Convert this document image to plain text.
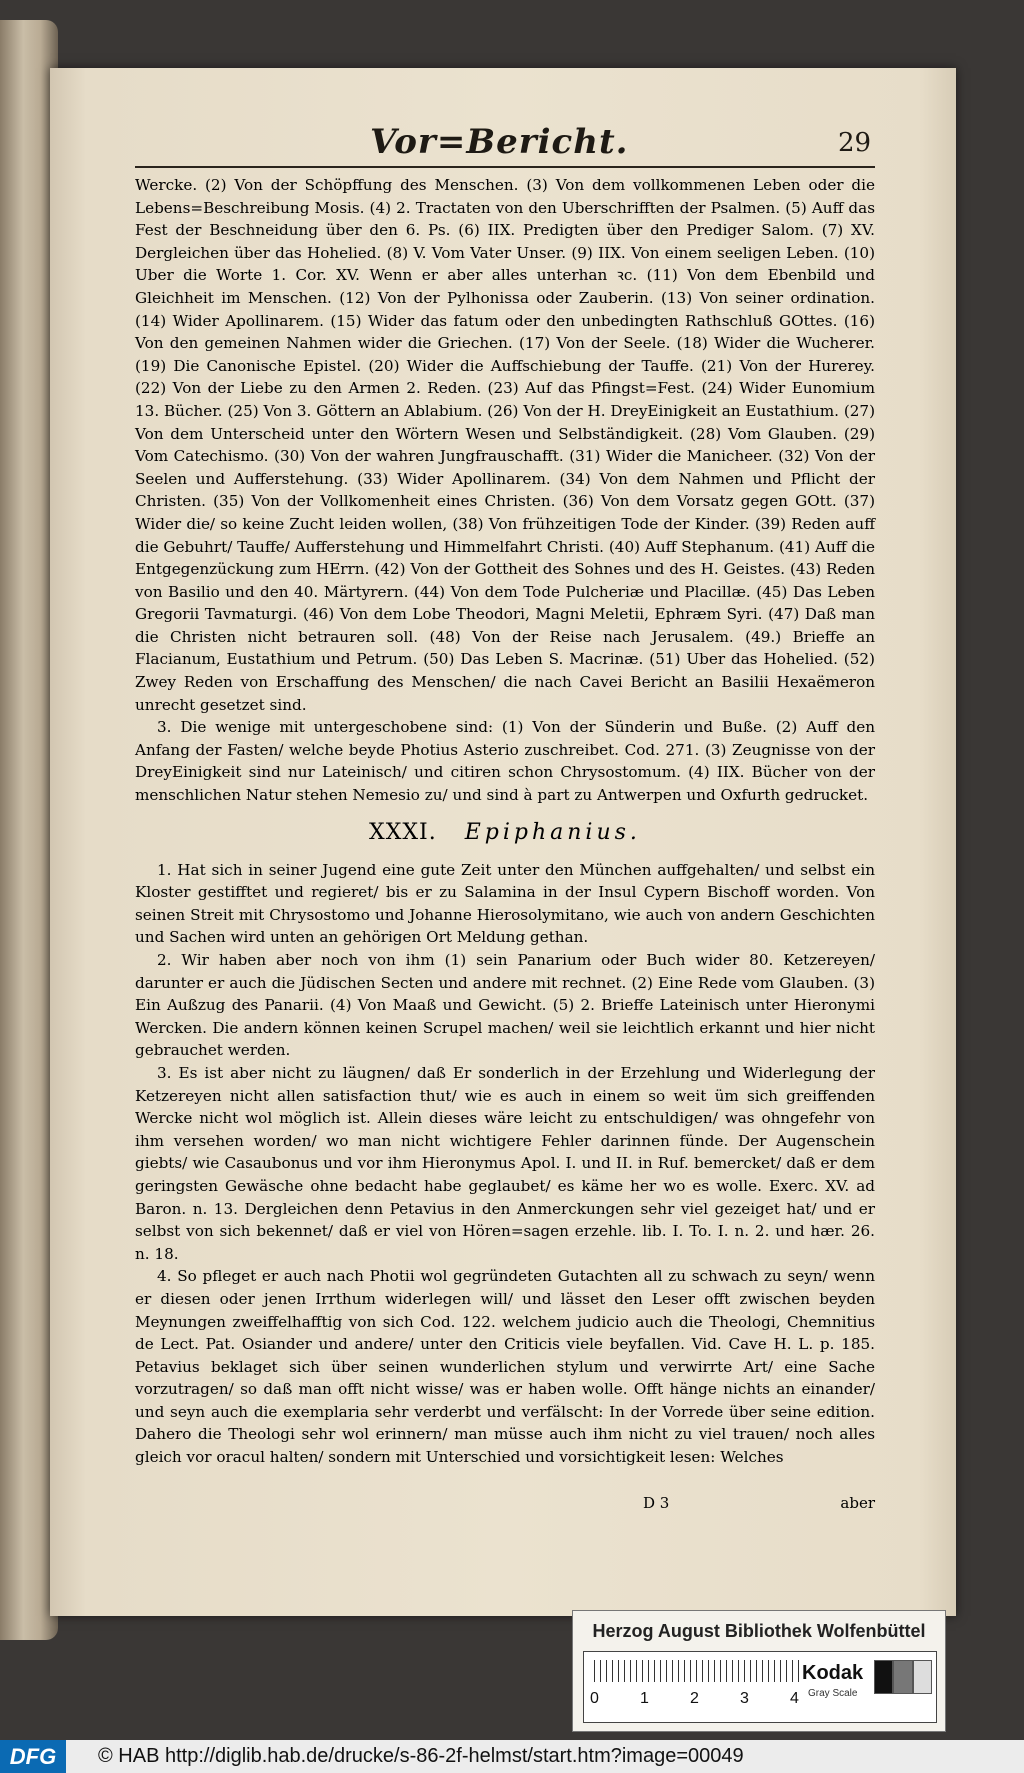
Vor=Bericht.	29

Wercke. (2) Von der Schöpffung des Menschen. (3) Von dem vollkommenen Leben oder die Lebens=Beschreibung Mosis. (4) 2. Tractaten von den Uberschrifften der Psalmen. (5) Auff das Fest der Beschneidung über den 6. Ps. (6) IIX. Predigten über den Prediger Salom. (7) XV. Dergleichen über das Hohelied. (8) V. Vom Vater Unser. (9) IIX. Von einem seeligen Leben. (10) Uber die Worte 1. Cor. XV. Wenn er aber alles unterhan ꝛc. (11) Von dem Ebenbild und Gleichheit im Menschen. (12) Von der Pylhonissa oder Zauberin. (13) Von seiner ordination. (14) Wider Apollinarem. (15) Wider das fatum oder den unbedingten Rathschluß GOttes. (16) Von den gemeinen Nahmen wider die Griechen. (17) Von der Seele. (18) Wider die Wucherer. (19) Die Canonische Epistel. (20) Wider die Auffschiebung der Tauffe. (21) Von der Hurerey. (22) Von der Liebe zu den Armen 2. Reden. (23) Auf das Pfingst=Fest. (24) Wider Eunomium 13. Bücher. (25) Von 3. Göttern an Ablabium. (26) Von der H. DreyEinigkeit an Eustathium. (27) Von dem Unterscheid unter den Wörtern Wesen und Selbständigkeit. (28) Vom Glauben. (29) Vom Catechismo. (30) Von der wahren Jungfrauschafft. (31) Wider die Manicheer. (32) Von der Seelen und Aufferstehung. (33) Wider Apollinarem. (34) Von dem Nahmen und Pflicht der Christen. (35) Von der Vollkomenheit eines Christen. (36) Von dem Vorsatz gegen GOtt. (37) Wider die/ so keine Zucht leiden wollen, (38) Von frühzeitigen Tode der Kinder. (39) Reden auff die Gebuhrt/ Tauffe/ Aufferstehung und Himmelfahrt Christi. (40) Auff Stephanum. (41) Auff die Entgegenzückung zum HErrn. (42) Von der Gottheit des Sohnes und des H. Geistes. (43) Reden von Basilio und den 40. Märtyrern. (44) Von dem Tode Pulcheriæ und Placillæ. (45) Das Leben Gregorii Tavmaturgi. (46) Von dem Lobe Theodori, Magni Meletii, Ephræm Syri. (47) Daß man die Christen nicht betrauren soll. (48) Von der Reise nach Jerusalem. (49.) Brieffe an Flacianum, Eustathium und Petrum. (50) Das Leben S. Macrinæ. (51) Uber das Hohelied. (52) Zwey Reden von Erschaffung des Menschen/ die nach Cavei Bericht an Basilii Hexaëmeron unrecht gesetzet sind.

3. Die wenige mit untergeschobene sind: (1) Von der Sünderin und Buße. (2) Auff den Anfang der Fasten/ welche beyde Photius Asterio zuschreibet. Cod. 271. (3) Zeugnisse von der DreyEinigkeit sind nur Lateinisch/ und citiren schon Chrysostomum. (4) IIX. Bücher von der menschlichen Natur stehen Nemesio zu/ und sind à part zu Antwerpen und Oxfurth gedrucket.

XXXI. Epiphanius.

1. Hat sich in seiner Jugend eine gute Zeit unter den München auffgehalten/ und selbst ein Kloster gestifftet und regieret/ bis er zu Salamina in der Insul Cypern Bischoff worden. Von seinen Streit mit Chrysostomo und Johanne Hierosolymitano, wie auch von andern Geschichten und Sachen wird unten an gehörigen Ort Meldung gethan.

2. Wir haben aber noch von ihm (1) sein Panarium oder Buch wider 80. Ketzereyen/ darunter er auch die Jüdischen Secten und andere mit rechnet. (2) Eine Rede vom Glauben. (3) Ein Außzug des Panarii. (4) Von Maaß und Gewicht. (5) 2. Brieffe Lateinisch unter Hieronymi Wercken. Die andern können keinen Scrupel machen/ weil sie leichtlich erkannt und hier nicht gebrauchet werden.

3. Es ist aber nicht zu läugnen/ daß Er sonderlich in der Erzehlung und Widerlegung der Ketzereyen nicht allen satisfaction thut/ wie es auch in einem so weit üm sich greiffenden Wercke nicht wol möglich ist. Allein dieses wäre leicht zu entschuldigen/ was ohngefehr von ihm versehen worden/ wo man nicht wichtigere Fehler darinnen fünde. Der Augenschein giebts/ wie Casaubonus und vor ihm Hieronymus Apol. I. und II. in Ruf. bemercket/ daß er dem geringsten Gewäsche ohne bedacht habe geglaubet/ es käme her wo es wolle. Exerc. XV. ad Baron. n. 13. Dergleichen denn Petavius in den Anmerckungen sehr viel gezeiget hat/ und er selbst von sich bekennet/ daß er viel von Hören=sagen erzehle. lib. I. To. I. n. 2. und hær. 26. n. 18.

4. So pfleget er auch nach Photii wol gegründeten Gutachten all zu schwach zu seyn/ wenn er diesen oder jenen Irrthum widerlegen will/ und lässet den Leser offt zwischen beyden Meynungen zweiffelhafftig von sich Cod. 122. welchem judicio auch die Theologi, Chemnitius de Lect. Pat. Osiander und andere/ unter den Criticis viele beyfallen. Vid. Cave H. L. p. 185. Petavius beklaget sich über seinen wunderlichen stylum und verwirrte Art/ eine Sache vorzutragen/ so daß man offt nicht wisse/ was er haben wolle. Offt hänge nichts an einander/ und seyn auch die exemplaria sehr verderbt und verfälscht: In der Vorrede über seine edition. Dahero die Theologi sehr wol erinnern/ man müsse auch ihm nicht zu viel trauen/ noch alles gleich vor oracul halten/ sondern mit Unterschied und vorsichtigkeit lesen: Welches

D 3	aber
Herzog August Bibliothek Wolfenbüttel
0	1	2	3	4
Kodak
Gray Scale
DFG	© HAB http://diglib.hab.de/drucke/s-86-2f-helmst/start.htm?image=00049
